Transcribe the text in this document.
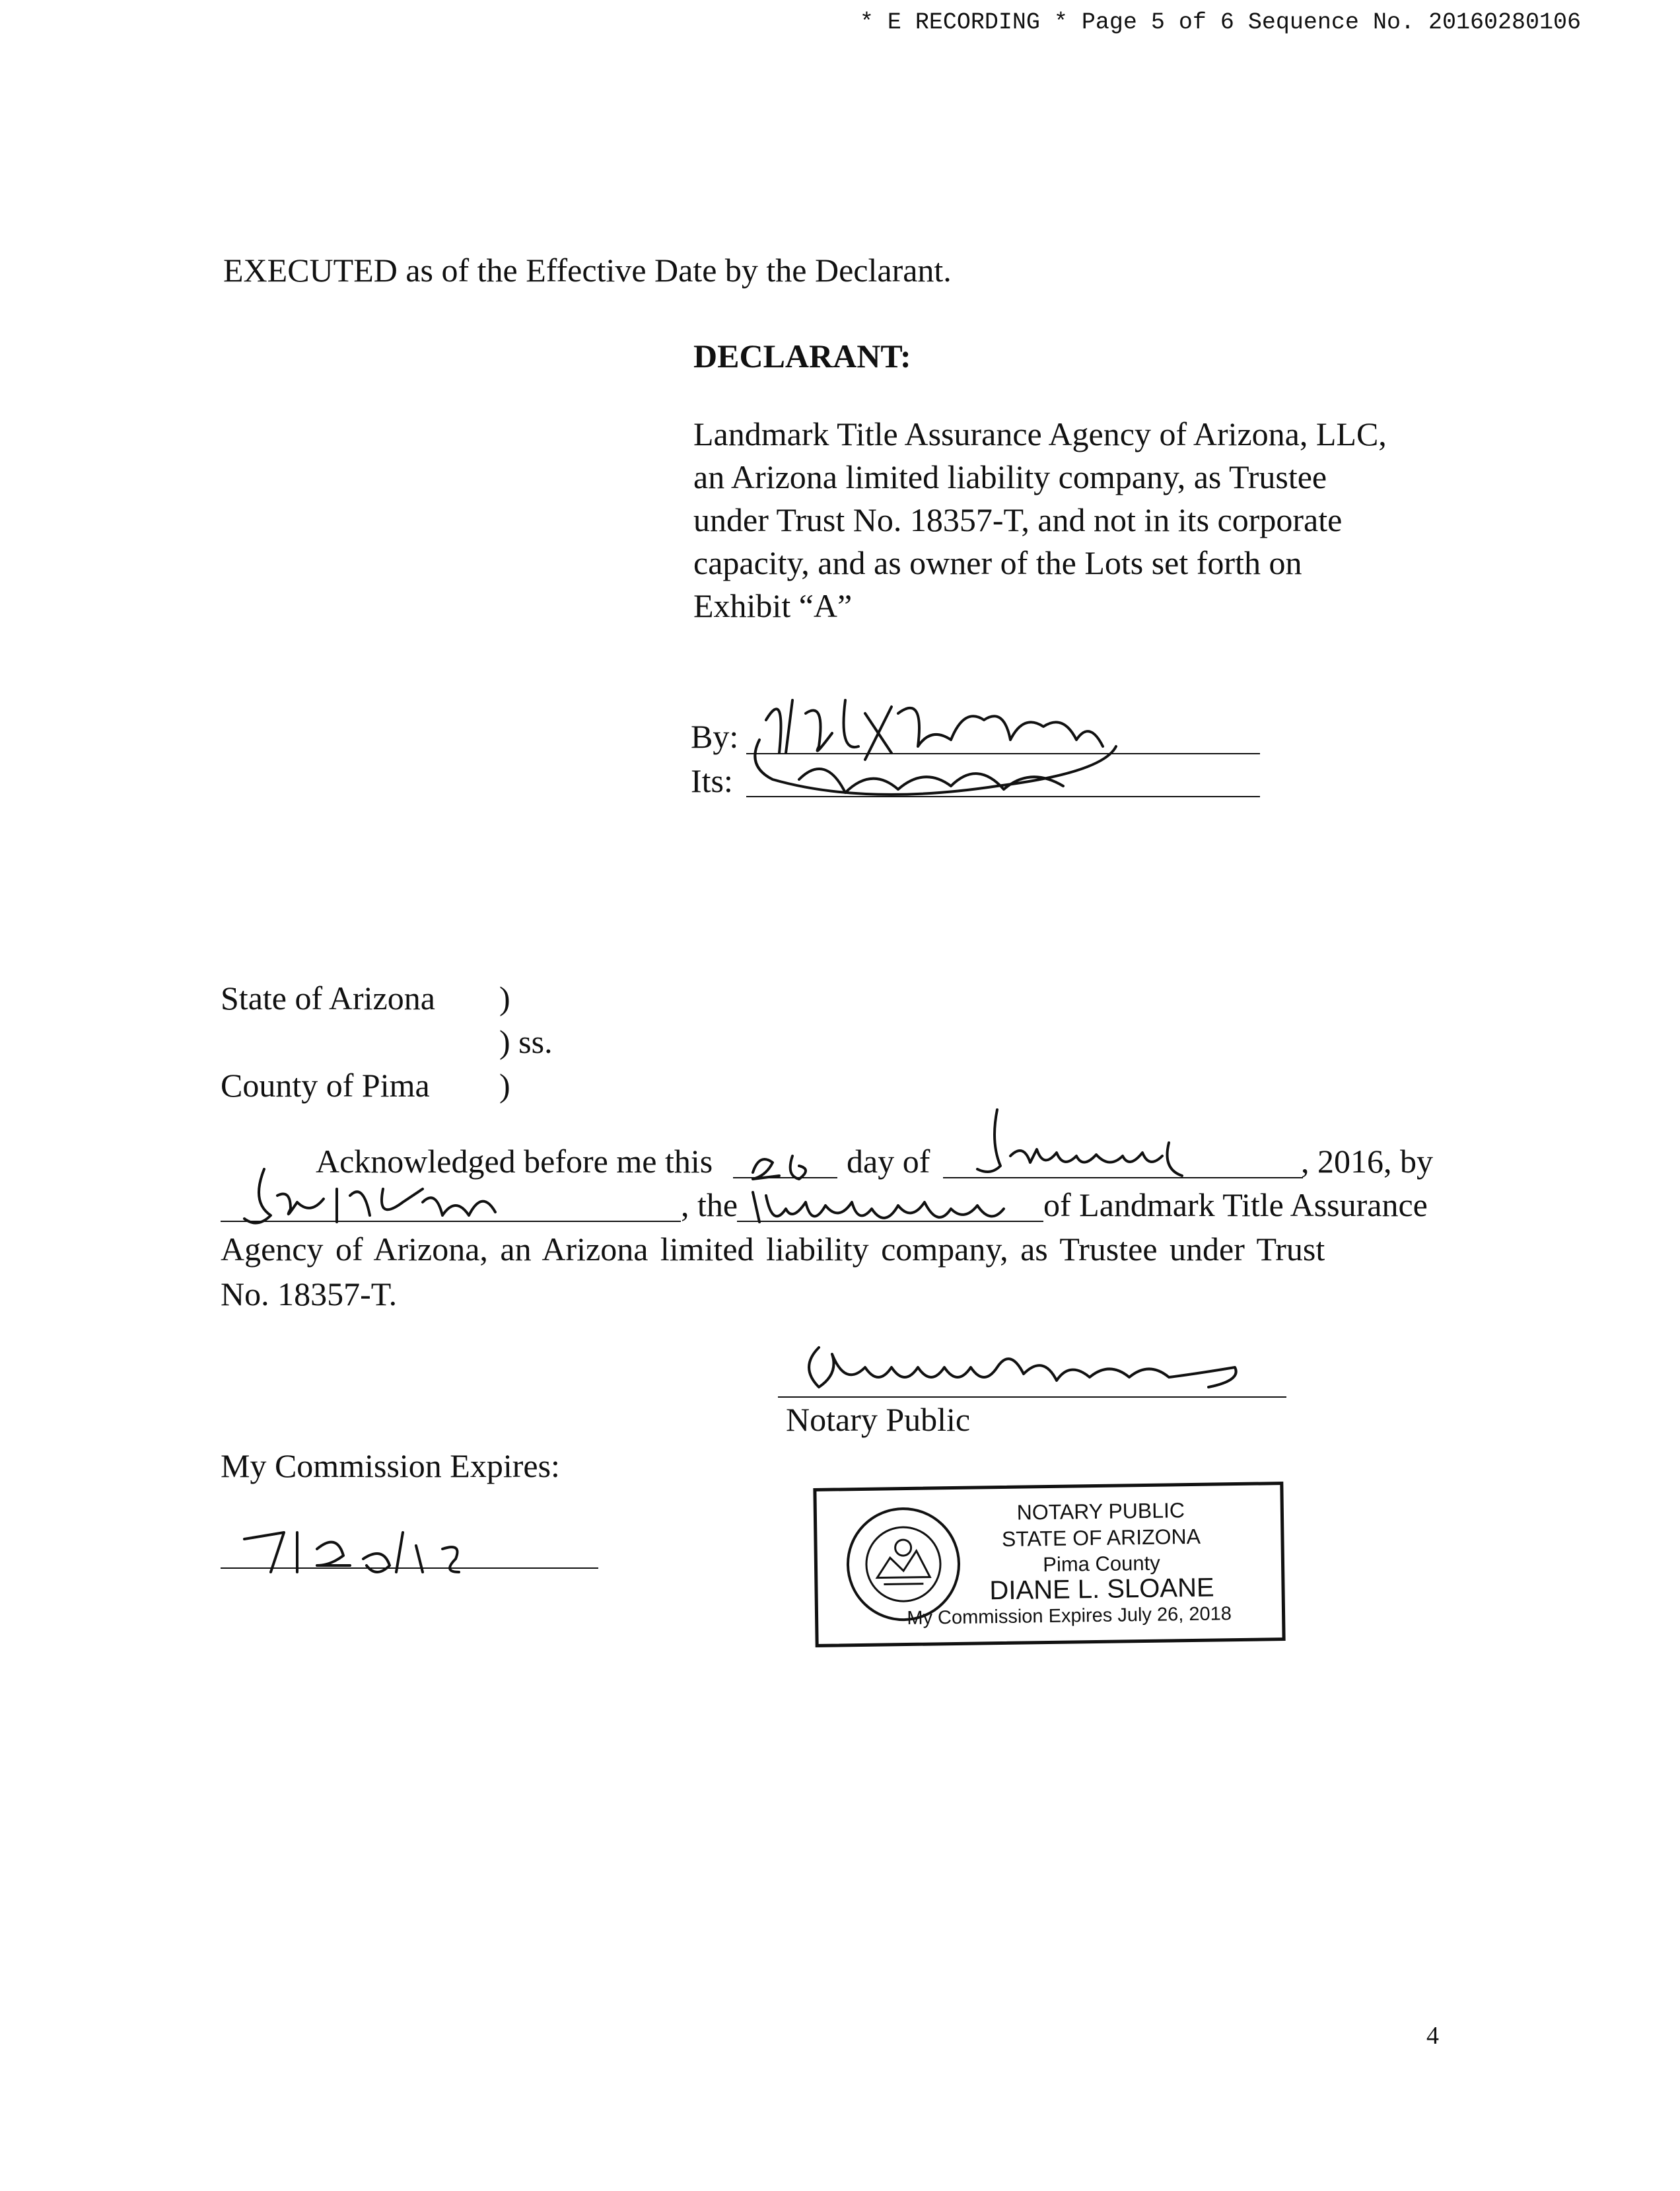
* E RECORDING * Page 5 of 6 Sequence No. 20160280106
EXECUTED as of the Effective Date by the Declarant.
DECLARANT:
Landmark Title Assurance Agency of Arizona, LLC,
an Arizona limited liability company, as Trustee
under Trust No. 18357-T, and not in its corporate
capacity, and as owner of the Lots set forth on
Exhibit “A”
By:
Its:
State of Arizona )
) ss.
County of Pima )
Acknowledged before me this	day of	, 2016, by
, the	of Landmark Title Assurance
Agency of Arizona, an Arizona limited liability company, as Trustee under Trust
No. 18357-T.
Notary Public
My Commission Expires:
NOTARY PUBLIC
STATE OF ARIZONA
Pima County
DIANE L. SLOANE
My Commission Expires July 26, 2018
4
